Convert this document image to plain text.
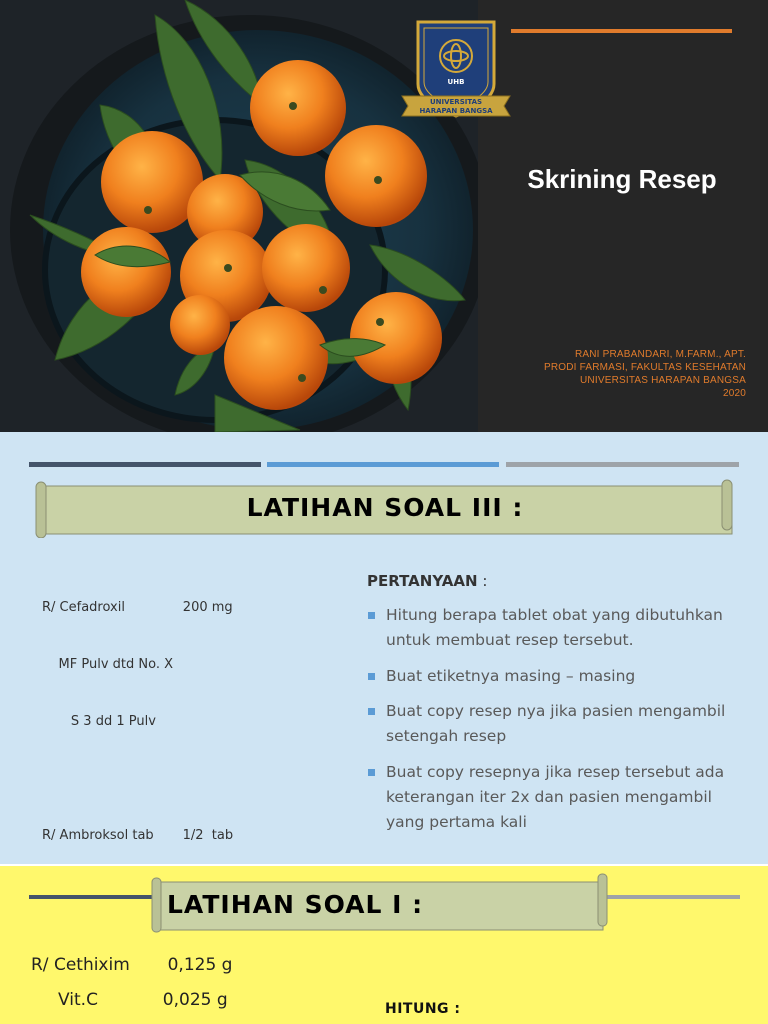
UHB
UNIVERSITAS
HARAPAN BANGSA
Skrining Resep
RANI PRABANDARI, M.FARM., APT.
PRODI FARMASI, FAKULTAS KESEHATAN
UNIVERSITAS HARAPAN BANGSA
2020
LATIHAN SOAL III :

R/ Cefadroxil              200 mg

MF Pulv dtd No. X

S 3 dd 1 Pulv

R/ Ambroksol tab       1/2  tab

PERTANYAAN :
Hitung berapa tablet obat yang dibutuhkan untuk membuat resep tersebut.
Buat etiketnya masing – masing
Buat copy resep nya jika pasien mengambil setengah resep
Buat copy resepnya jika resep tersebut ada keterangan iter 2x dan pasien mengambil yang pertama kali
LATIHAN SOAL I :
R/ Cethixim       0,125 g
Vit.C            0,025 g	HITUNG :
